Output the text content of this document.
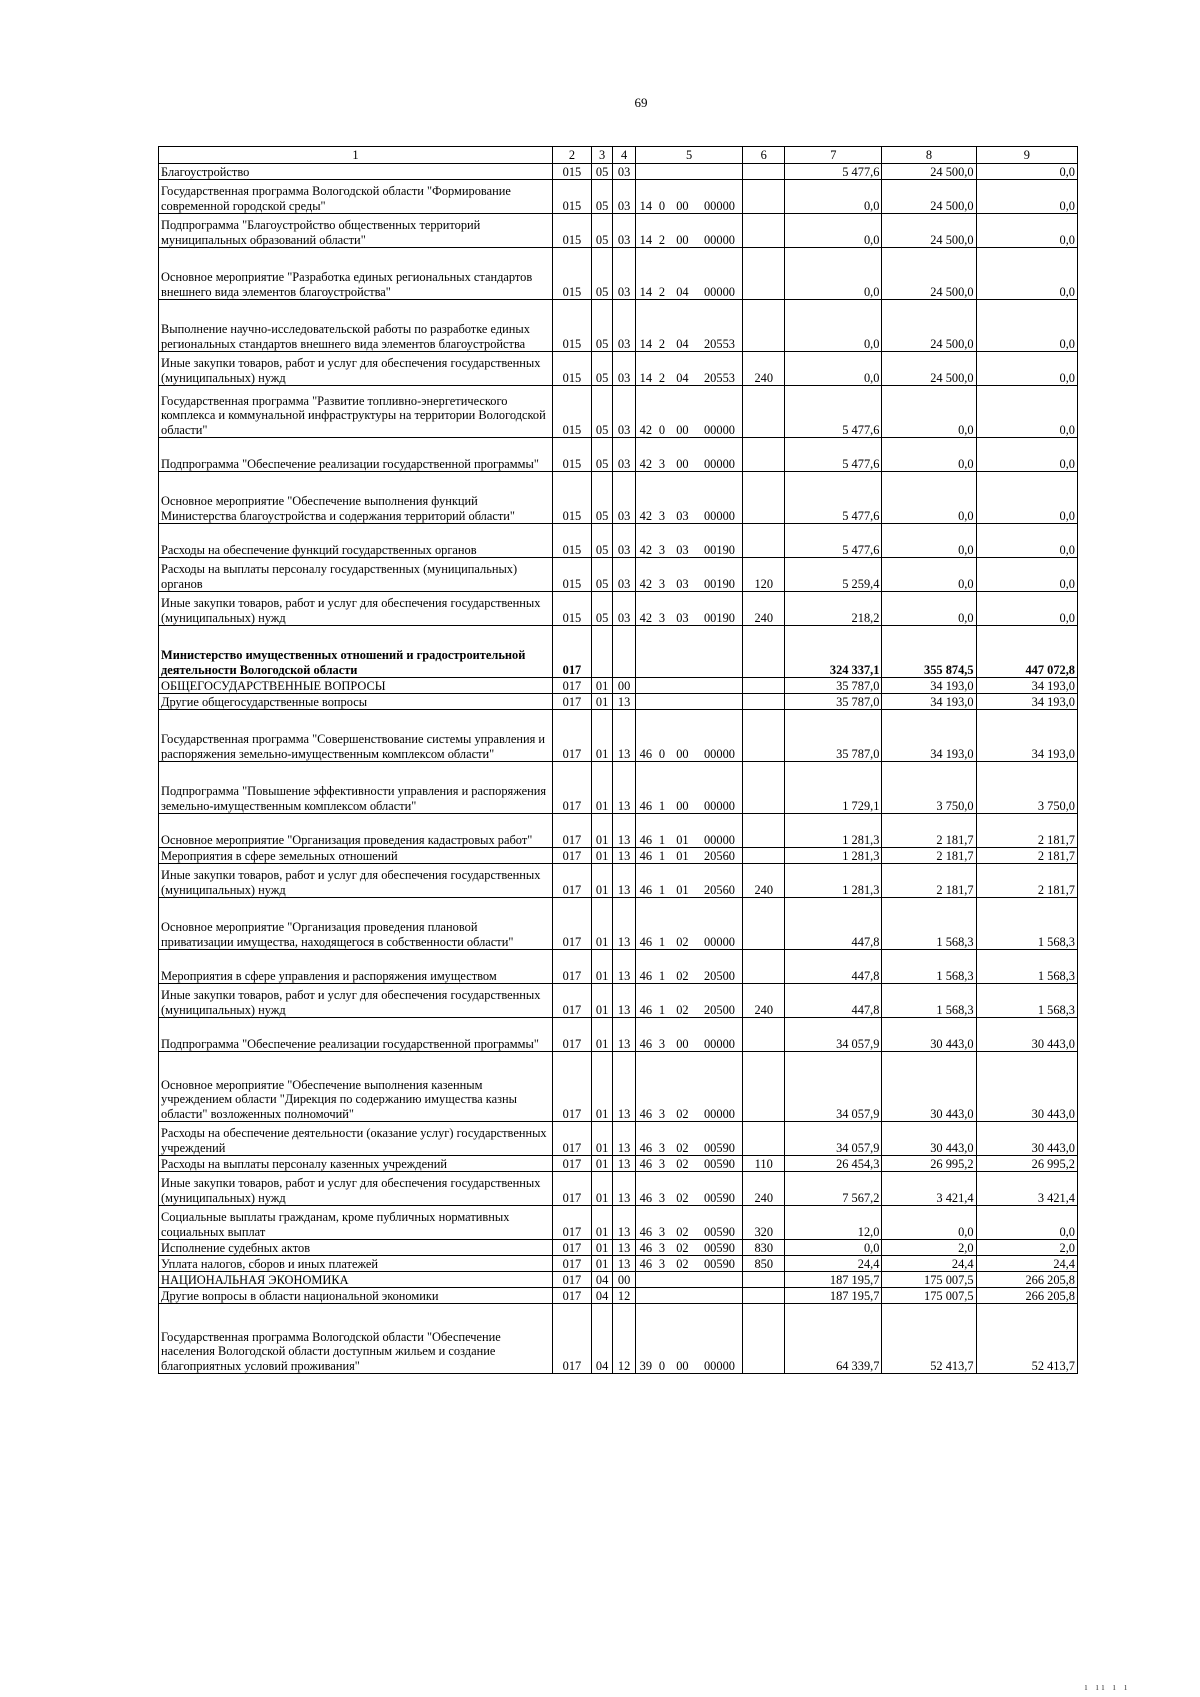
69
1	2	3	4	5				6	7	8	9
Благоустройство	015	05	03						5 477,6	24 500,0	0,0
Государственная программа Вологодской области "Формирование современной городской среды"	015	05	03	14	0	00	00000		0,0	24 500,0	0,0
Подпрограмма "Благоустройство общественных территорий муниципальных образований области"	015	05	03	14	2	00	00000		0,0	24 500,0	0,0
Основное мероприятие "Разработка единых региональных стандартов внешнего вида элементов благоустройства"	015	05	03	14	2	04	00000		0,0	24 500,0	0,0
Выполнение научно-исследовательской работы по разработке единых региональных стандартов внешнего вида элементов благоустройства	015	05	03	14	2	04	20553		0,0	24 500,0	0,0
Иные закупки товаров, работ и услуг для обеспечения государственных (муниципальных) нужд	015	05	03	14	2	04	20553	240	0,0	24 500,0	0,0
Государственная программа "Развитие топливно-энергетического комплекса и коммунальной инфраструктуры на территории Вологодской области"	015	05	03	42	0	00	00000		5 477,6	0,0	0,0
Подпрограмма "Обеспечение реализации государственной программы"	015	05	03	42	3	00	00000		5 477,6	0,0	0,0
Основное мероприятие "Обеспечение выполнения функций Министерства благоустройства и содержания территорий области"	015	05	03	42	3	03	00000		5 477,6	0,0	0,0
Расходы на обеспечение функций государственных органов	015	05	03	42	3	03	00190		5 477,6	0,0	0,0
Расходы на выплаты персоналу государственных (муниципальных) органов	015	05	03	42	3	03	00190	120	5 259,4	0,0	0,0
Иные закупки товаров, работ и услуг для обеспечения государственных (муниципальных) нужд	015	05	03	42	3	03	00190	240	218,2	0,0	0,0
Министерство имущественных отношений и градостроительной деятельности Вологодской области	017								324 337,1	355 874,5	447 072,8
ОБЩЕГОСУДАРСТВЕННЫЕ ВОПРОСЫ	017	01	00						35 787,0	34 193,0	34 193,0
Другие общегосударственные вопросы	017	01	13						35 787,0	34 193,0	34 193,0
Государственная программа "Совершенствование системы управления и распоряжения земельно-имущественным комплексом области"	017	01	13	46	0	00	00000		35 787,0	34 193,0	34 193,0
Подпрограмма "Повышение эффективности управления и распоряжения земельно-имущественным комплексом области"	017	01	13	46	1	00	00000		1 729,1	3 750,0	3 750,0
Основное мероприятие "Организация проведения кадастровых работ"	017	01	13	46	1	01	00000		1 281,3	2 181,7	2 181,7
Мероприятия в сфере земельных отношений	017	01	13	46	1	01	20560		1 281,3	2 181,7	2 181,7
Иные закупки товаров, работ и услуг для обеспечения государственных (муниципальных) нужд	017	01	13	46	1	01	20560	240	1 281,3	2 181,7	2 181,7
Основное мероприятие "Организация проведения плановой приватизации имущества, находящегося в собственности области"	017	01	13	46	1	02	00000		447,8	1 568,3	1 568,3
Мероприятия в сфере управления и распоряжения имуществом	017	01	13	46	1	02	20500		447,8	1 568,3	1 568,3
Иные закупки товаров, работ и услуг для обеспечения государственных (муниципальных) нужд	017	01	13	46	1	02	20500	240	447,8	1 568,3	1 568,3
Подпрограмма "Обеспечение реализации государственной программы"	017	01	13	46	3	00	00000		34 057,9	30 443,0	30 443,0
Основное мероприятие "Обеспечение выполнения казенным учреждением области "Дирекция по содержанию имущества казны области" возложенных полномочий"	017	01	13	46	3	02	00000		34 057,9	30 443,0	30 443,0
Расходы на обеспечение деятельности (оказание услуг) государственных учреждений	017	01	13	46	3	02	00590		34 057,9	30 443,0	30 443,0
Расходы на выплаты персоналу казенных учреждений	017	01	13	46	3	02	00590	110	26 454,3	26 995,2	26 995,2
Иные закупки товаров, работ и услуг для обеспечения государственных (муниципальных) нужд	017	01	13	46	3	02	00590	240	7 567,2	3 421,4	3 421,4
Социальные выплаты гражданам, кроме публичных нормативных социальных выплат	017	01	13	46	3	02	00590	320	12,0	0,0	0,0
Исполнение судебных актов	017	01	13	46	3	02	00590	830	0,0	2,0	2,0
Уплата налогов, сборов и иных платежей	017	01	13	46	3	02	00590	850	24,4	24,4	24,4
НАЦИОНАЛЬНАЯ ЭКОНОМИКА	017	04	00						187 195,7	175 007,5	266 205,8
Другие вопросы в области национальной экономики	017	04	12						187 195,7	175 007,5	266 205,8
Государственная программа Вологодской области "Обеспечение населения Вологодской области доступным жильем и создание благоприятных условий проживания"	017	04	12	39	0	00	00000		64 339,7	52 413,7	52 413,7
ı ıı ı ı
